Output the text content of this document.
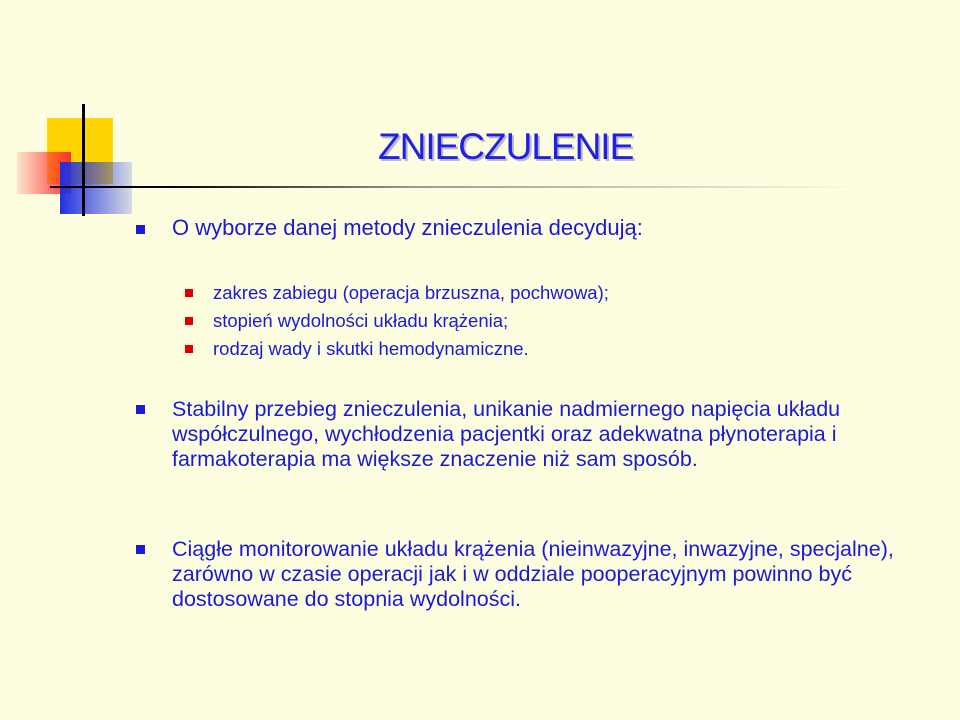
ZNIECZULENIE

O wyborze danej metody znieczulenia decydują:

zakres zabiegu (operacja brzuszna, pochwowa);

stopień wydolności układu krążenia;

rodzaj wady i skutki hemodynamiczne.

Stabilny przebieg znieczulenia, unikanie nadmiernego napięcia układu współczulnego, wychłodzenia pacjentki oraz adekwatna płynoterapia i farmakoterapia ma większe znaczenie niż sam sposób.

Ciągłe monitorowanie układu krążenia (nieinwazyjne, inwazyjne, specjalne), zarówno w czasie operacji jak i w oddziale pooperacyjnym powinno być dostosowane do stopnia wydolności.
